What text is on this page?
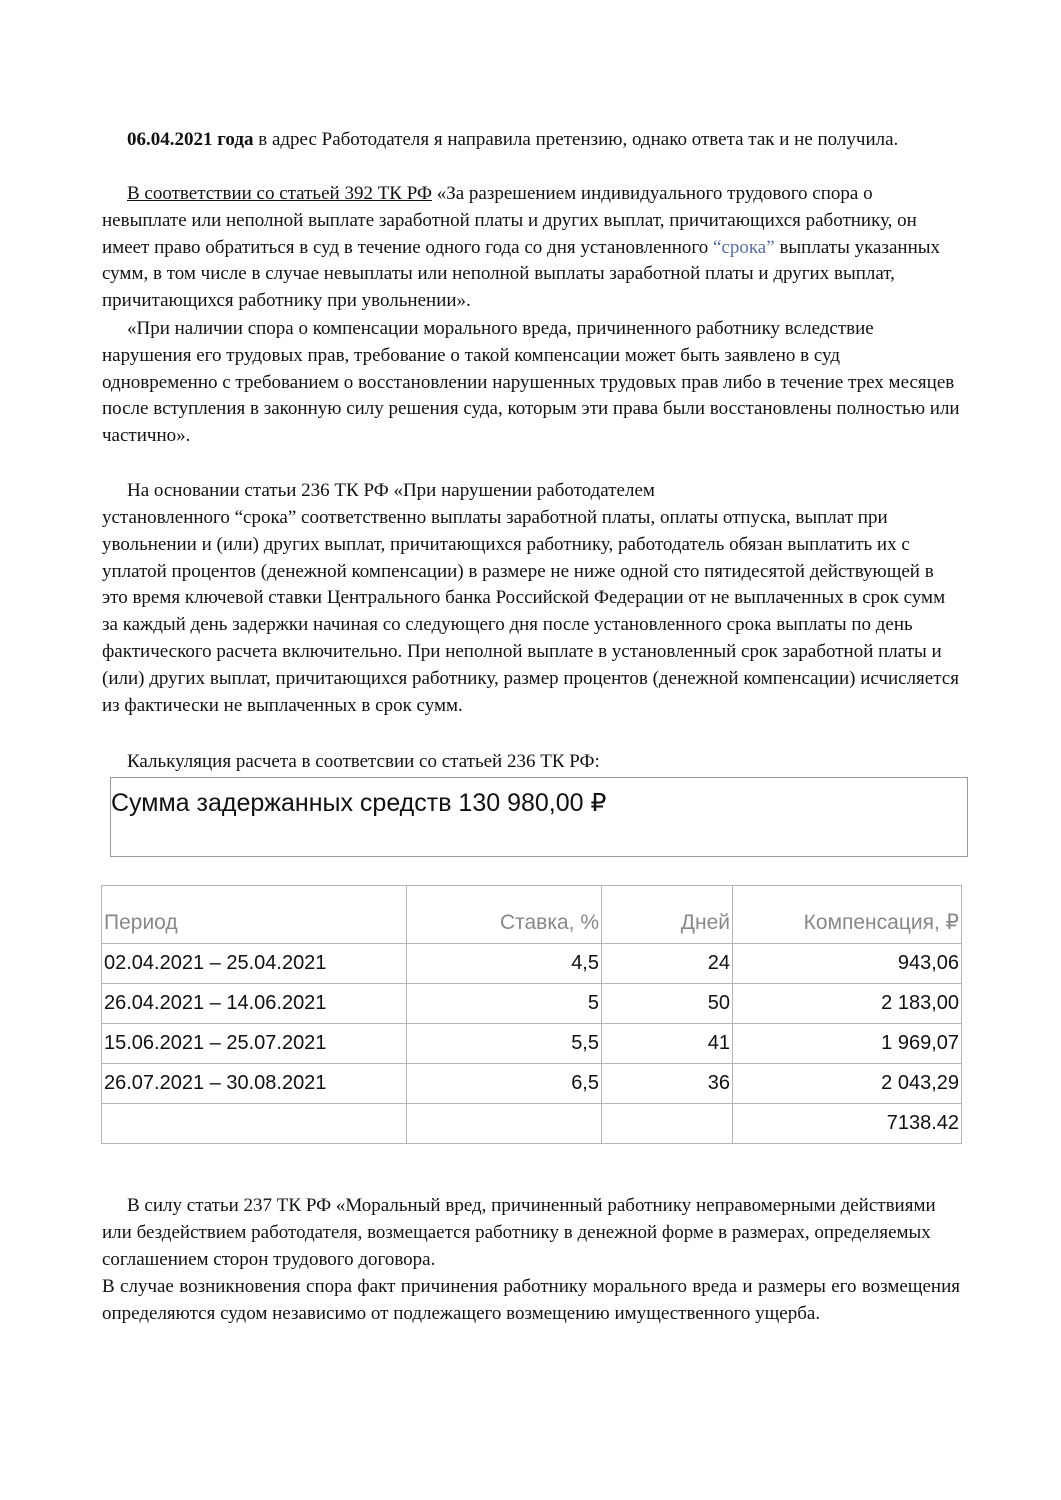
06.04.2021 года в адрес Работодателя я направила претензию, однако ответа так и не получила.
В соответствии со статьей 392 ТК РФ «За разрешением индивидуального трудового спора о невыплате или неполной выплате заработной платы и других выплат, причитающихся работнику, он имеет право обратиться в суд в течение одного года со дня установленного “срока” выплаты указанных сумм, в том числе в случае невыплаты или неполной выплаты заработной платы и других выплат, причитающихся работнику при увольнении».
«При наличии спора о компенсации морального вреда, причиненного работнику вследствие нарушения его трудовых прав, требование о такой компенсации может быть заявлено в суд одновременно с требованием о восстановлении нарушенных трудовых прав либо в течение трех месяцев после вступления в законную силу решения суда, которым эти права были восстановлены полностью или частично».
На основании статьи 236 ТК РФ «При нарушении работодателем
установленного “срока” соответственно выплаты заработной платы, оплаты отпуска, выплат при увольнении и (или) других выплат, причитающихся работнику, работодатель обязан выплатить их с уплатой процентов (денежной компенсации) в размере не ниже одной сто пятидесятой действующей в это время ключевой ставки Центрального банка Российской Федерации от не выплаченных в срок сумм за каждый день задержки начиная со следующего дня после установленного срока выплаты по день фактического расчета включительно. При неполной выплате в установленный срок заработной платы и (или) других выплат, причитающихся работнику, размер процентов (денежной компенсации) исчисляется из фактически не выплаченных в срок сумм.
Калькуляция расчета в соответсвии со статьей 236 ТК РФ:
Сумма задержанных средств 130 980,00 ₽
Период	Ставка, %	Дней	Компенсация, ₽
02.04.2021 – 25.04.2021	4,5	24	943,06
26.04.2021 – 14.06.2021	5	50	2 183,00
15.06.2021 – 25.07.2021	5,5	41	1 969,07
26.07.2021 – 30.08.2021	6,5	36	2 043,29
			7138.42
В силу статьи 237 ТК РФ «Моральный вред, причиненный работнику неправомерными действиями или бездействием работодателя, возмещается работнику в денежной форме в размерах, определяемых соглашением сторон трудового договора.
В случае возникновения спора факт причинения работнику морального вреда и размеры его возмещения определяются судом независимо от подлежащего возмещению имущественного ущерба.
